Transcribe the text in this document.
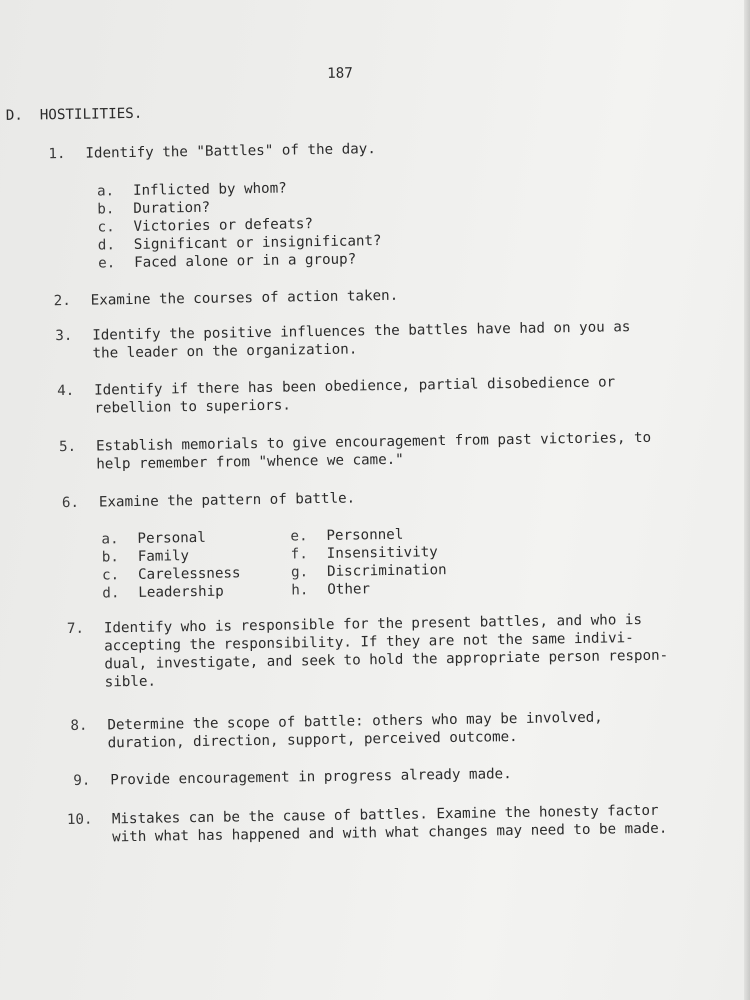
187
D. HOSTILITIES.
1. Identify the "Battles" of the day.
a. Inflicted by whom?
b. Duration?
c. Victories or defeats?
d. Significant or insignificant?
e. Faced alone or in a group?
2. Examine the courses of action taken.
3. Identify the positive influences the battles have had on you as
the leader on the organization.
4. Identify if there has been obedience, partial disobedience or
rebellion to superiors.
5. Establish memorials to give encouragement from past victories, to
help remember from "whence we came."
6. Examine the pattern of battle.
a. Personal
b. Family
c. Carelessness
d. Leadership
e. Personnel
f. Insensitivity
g. Discrimination
h. Other
7. Identify who is responsible for the present battles, and who is
accepting the responsibility. If they are not the same indivi-
dual, investigate, and seek to hold the appropriate person respon-
sible.
8. Determine the scope of battle: others who may be involved,
duration, direction, support, perceived outcome.
9. Provide encouragement in progress already made.
10. Mistakes can be the cause of battles. Examine the honesty factor
with what has happened and with what changes may need to be made.
